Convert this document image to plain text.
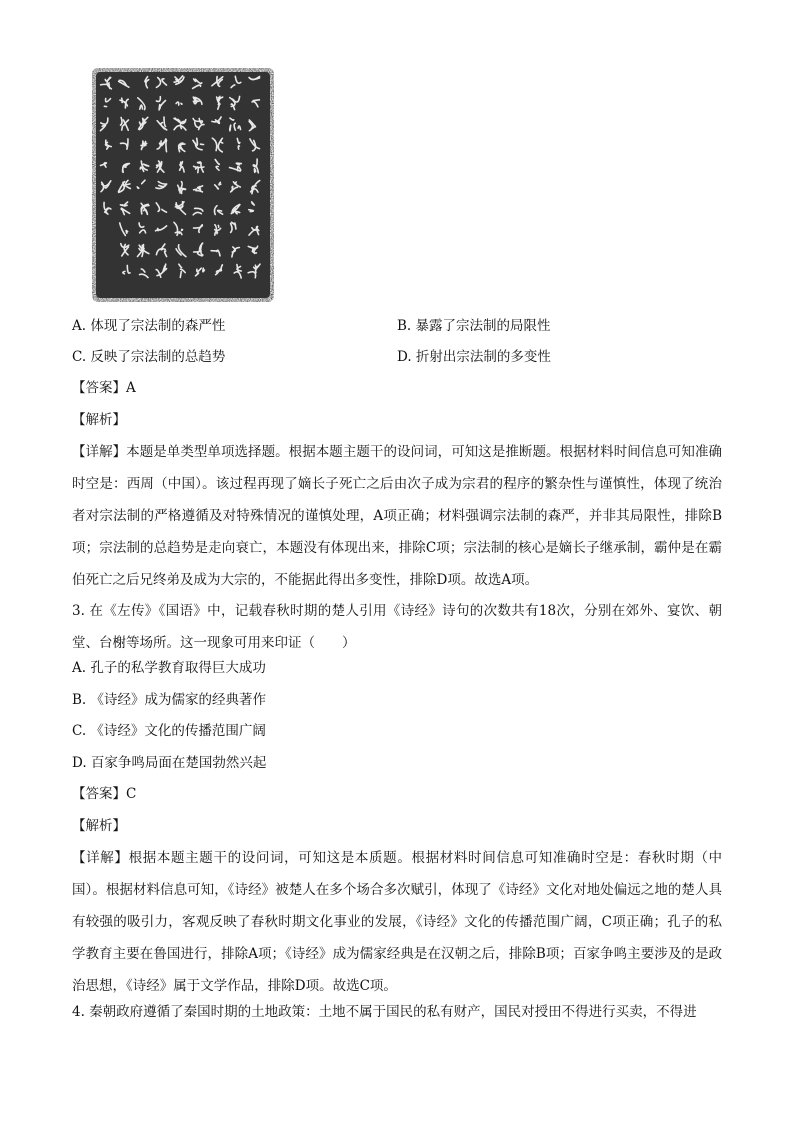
A. 体现了宗法制的森严性	B. 暴露了宗法制的局限性
C. 反映了宗法制的总趋势	D. 折射出宗法制的多变性
【答案】A
【解析】
【详解】本题是单类型单项选择题。根据本题主题干的设问词，可知这是推断题。根据材料时间信息可知准确时空是：西周（中国）。该过程再现了嫡长子死亡之后由次子成为宗君的程序的繁杂性与谨慎性，体现了统治者对宗法制的严格遵循及对特殊情况的谨慎处理，A项正确；材料强调宗法制的森严，并非其局限性，排除B项；宗法制的总趋势是走向衰亡，本题没有体现出来，排除C项；宗法制的核心是嫡长子继承制，霸仲是在霸伯死亡之后兄终弟及成为大宗的，不能据此得出多变性，排除D项。故选A项。
3. 在《左传》《国语》中，记载春秋时期的楚人引用《诗经》诗句的次数共有18次，分别在郊外、宴饮、朝堂、台榭等场所。这一现象可用来印证（　　）
A. 孔子的私学教育取得巨大成功
B. 《诗经》成为儒家的经典著作
C. 《诗经》文化的传播范围广阔
D. 百家争鸣局面在楚国勃然兴起
【答案】C
【解析】
【详解】根据本题主题干的设问词，可知这是本质题。根据材料时间信息可知准确时空是：春秋时期（中国）。根据材料信息可知，《诗经》被楚人在多个场合多次赋引，体现了《诗经》文化对地处偏远之地的楚人具有较强的吸引力，客观反映了春秋时期文化事业的发展，《诗经》文化的传播范围广阔，C项正确；孔子的私学教育主要在鲁国进行，排除A项；《诗经》成为儒家经典是在汉朝之后，排除B项；百家争鸣主要涉及的是政治思想，《诗经》属于文学作品，排除D项。故选C项。
4. 秦朝政府遵循了秦国时期的土地政策：土地不属于国民的私有财产，国民对授田不得进行买卖，不得进
